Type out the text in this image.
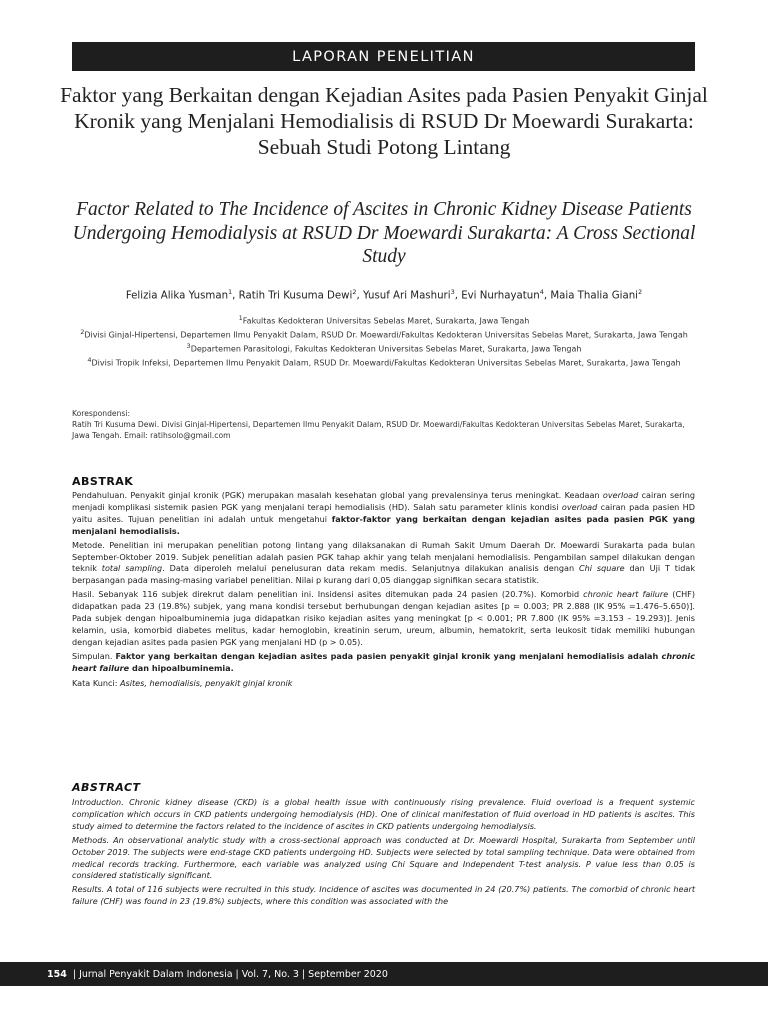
LAPORAN PENELITIAN
Faktor yang Berkaitan dengan Kejadian Asites pada Pasien Penyakit Ginjal Kronik yang Menjalani Hemodialisis di RSUD Dr Moewardi Surakarta: Sebuah Studi Potong Lintang
Factor Related to The Incidence of Ascites in Chronic Kidney Disease Patients Undergoing Hemodialysis at RSUD Dr Moewardi Surakarta: A Cross Sectional Study
Felizia Alika Yusman$^1$, Ratih Tri Kusuma Dewi$^2$, Yusuf Ari Mashuri$^3$, Evi Nurhayatun$^4$, Maia Thalia Giani$^2$
$^1$Fakultas Kedokteran Universitas Sebelas Maret, Surakarta, Jawa Tengah
$^2$Divisi Ginjal-Hipertensi, Departemen Ilmu Penyakit Dalam, RSUD Dr. Moewardi/Fakultas Kedokteran Universitas Sebelas Maret, Surakarta, Jawa Tengah
$^3$Departemen Parasitologi, Fakultas Kedokteran Universitas Sebelas Maret, Surakarta, Jawa Tengah
$^4$Divisi Tropik Infeksi, Departemen Ilmu Penyakit Dalam, RSUD Dr. Moewardi/Fakultas Kedokteran Universitas Sebelas Maret, Surakarta, Jawa Tengah
Korespondensi:
Ratih Tri Kusuma Dewi. Divisi Ginjal-Hipertensi, Departemen Ilmu Penyakit Dalam, RSUD Dr. Moewardi/Fakultas Kedokteran Universitas Sebelas Maret, Surakarta, Jawa Tengah. Email: ratihsolo@gmail.com
ABSTRAK

Pendahuluan. Penyakit ginjal kronik (PGK) merupakan masalah kesehatan global yang prevalensinya terus meningkat. Keadaan overload cairan sering menjadi komplikasi sistemik pasien PGK yang menjalani terapi hemodialisis (HD). Salah satu parameter klinis kondisi overload cairan pada pasien HD yaitu asites. Tujuan penelitian ini adalah untuk mengetahui faktor-faktor yang berkaitan dengan kejadian asites pada pasien PGK yang menjalani hemodialisis.

Metode. Penelitian ini merupakan penelitian potong lintang yang dilaksanakan di Rumah Sakit Umum Daerah Dr. Moewardi Surakarta pada bulan September-Oktober 2019. Subjek penelitian adalah pasien PGK tahap akhir yang telah menjalani hemodialisis. Pengambilan sampel dilakukan dengan teknik total sampling. Data diperoleh melalui penelusuran data rekam medis. Selanjutnya dilakukan analisis dengan Chi square dan Uji T tidak berpasangan pada masing-masing variabel penelitian. Nilai p kurang dari 0,05 dianggap signifikan secara statistik.

Hasil. Sebanyak 116 subjek direkrut dalam penelitian ini. Insidensi asites ditemukan pada 24 pasien (20.7%). Komorbid chronic heart failure (CHF) didapatkan pada 23 (19.8%) subjek, yang mana kondisi tersebut berhubungan dengan kejadian asites [p = 0.003; PR 2.888 (IK 95% =1.476–5.650)]. Pada subjek dengan hipoalbuminemia juga didapatkan risiko kejadian asites yang meningkat [p < 0.001; PR 7.800 (IK 95% =3.153 – 19.293)]. Jenis kelamin, usia, komorbid diabetes melitus, kadar hemoglobin, kreatinin serum, ureum, albumin, hematokrit, serta leukosit tidak memiliki hubungan dengan kejadian asites pada pasien PGK yang menjalani HD (p > 0.05).

Simpulan. Faktor yang berkaitan dengan kejadian asites pada pasien penyakit ginjal kronik yang menjalani hemodialisis adalah chronic heart failure dan hipoalbuminemia.

Kata Kunci: Asites, hemodialisis, penyakit ginjal kronik

ABSTRACT

Introduction. Chronic kidney disease (CKD) is a global health issue with continuously rising prevalence. Fluid overload is a frequent systemic complication which occurs in CKD patients undergoing hemodialysis (HD). One of clinical manifestation of fluid overload in HD patients is ascites. This study aimed to determine the factors related to the incidence of ascites in CKD patients undergoing hemodialysis.

Methods. An observational analytic study with a cross-sectional approach was conducted at Dr. Moewardi Hospital, Surakarta from September until October 2019. The subjects were end-stage CKD patients undergoing HD. Subjects were selected by total sampling technique. Data were obtained from medical records tracking. Furthermore, each variable was analyzed using Chi Square and Independent T-test analysis. P value less than 0.05 is considered statistically significant.

Results. A total of 116 subjects were recruited in this study. Incidence of ascites was documented in 24 (20.7%) patients. The comorbid of chronic heart failure (CHF) was found in 23 (19.8%) subjects, where this condition was associated with the

154 | Jurnal Penyakit Dalam Indonesia | Vol. 7, No. 3 | September 2020
